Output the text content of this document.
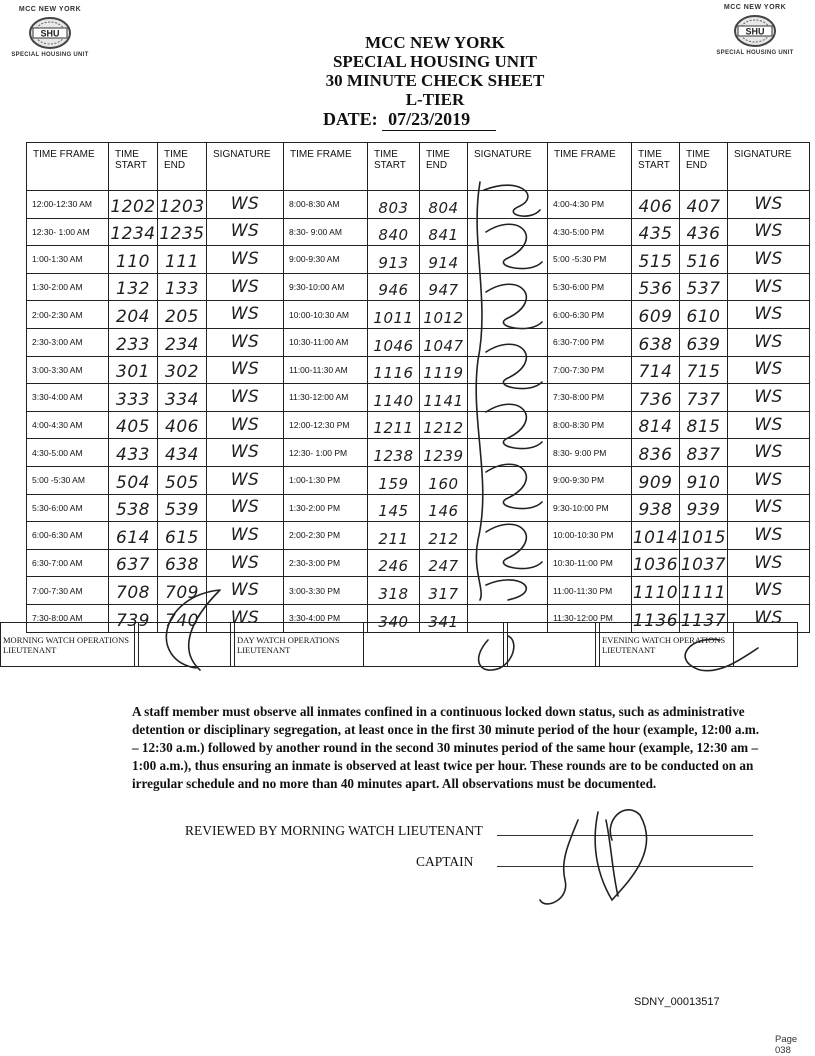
MCC NEW YORK
SHU
SPECIAL HOUSING UNIT
MCC NEW YORK
SHU
SPECIAL HOUSING UNIT
MCC NEW YORK
SPECIAL HOUSING UNIT
30 MINUTE CHECK SHEET
L-TIER
DATE: 07/23/2019
TIME FRAME	TIME START	TIME END	SIGNATURE	TIME FRAME	TIME START	TIME END	SIGNATURE	TIME FRAME	TIME START	TIME END	SIGNATURE
12:00-12:30 AM	1202	1203	WS	8:00-8:30 AM	803	804		4:00-4:30 PM	406	407	WS
12:30- 1:00 AM	1234	1235	WS	8:30- 9:00 AM	840	841		4:30-5:00 PM	435	436	WS
1:00-1:30 AM	110	111	WS	9:00-9:30 AM	913	914		5:00 -5:30 PM	515	516	WS
1:30-2:00 AM	132	133	WS	9:30-10:00 AM	946	947		5:30-6:00 PM	536	537	WS
2:00-2:30 AM	204	205	WS	10:00-10:30 AM	1011	1012		6:00-6:30 PM	609	610	WS
2:30-3:00 AM	233	234	WS	10:30-11:00 AM	1046	1047		6:30-7:00 PM	638	639	WS
3:00-3:30 AM	301	302	WS	11:00-11:30 AM	1116	1119		7:00-7:30 PM	714	715	WS
3:30-4:00 AM	333	334	WS	11:30-12:00 AM	1140	1141		7:30-8:00 PM	736	737	WS
4:00-4:30 AM	405	406	WS	12:00-12:30 PM	1211	1212		8:00-8:30 PM	814	815	WS
4:30-5:00 AM	433	434	WS	12:30- 1:00 PM	1238	1239		8:30- 9:00 PM	836	837	WS
5:00 -5:30 AM	504	505	WS	1:00-1:30 PM	159	160		9:00-9:30 PM	909	910	WS
5:30-6:00 AM	538	539	WS	1:30-2:00 PM	145	146		9:30-10:00 PM	938	939	WS
6:00-6:30 AM	614	615	WS	2:00-2:30 PM	211	212		10:00-10:30 PM	1014	1015	WS
6:30-7:00 AM	637	638	WS	2:30-3:00 PM	246	247		10:30-11:00 PM	1036	1037	WS
7:00-7:30 AM	708	709	WS	3:00-3:30 PM	318	317		11:00-11:30 PM	1110	1111	WS
7:30-8:00 AM	739	740	WS	3:30-4:00 PM	340	341		11:30-12:00 PM	1136	1137	WS
MORNING WATCH OPERATIONS LIEUTENANT				DAY WATCH OPERATIONS LIEUTENANT					EVENING WATCH OPERATIONS LIEUTENANT	
A staff member must observe all inmates confined in a continuous locked down status, such as administrative detention or disciplinary segregation, at least once in the first 30 minute period of the hour (example, 12:00 a.m. – 12:30 a.m.) followed by another round in the second 30 minutes period of the same hour (example, 12:30 am – 1:00 a.m.), thus ensuring an inmate is observed at least twice per hour. These rounds are to be conducted on an irregular schedule and no more than 40 minutes apart. All observations must be documented.
REVIEWED BY MORNING WATCH LIEUTENANT
CAPTAIN
SDNY_00013517
Page 038
